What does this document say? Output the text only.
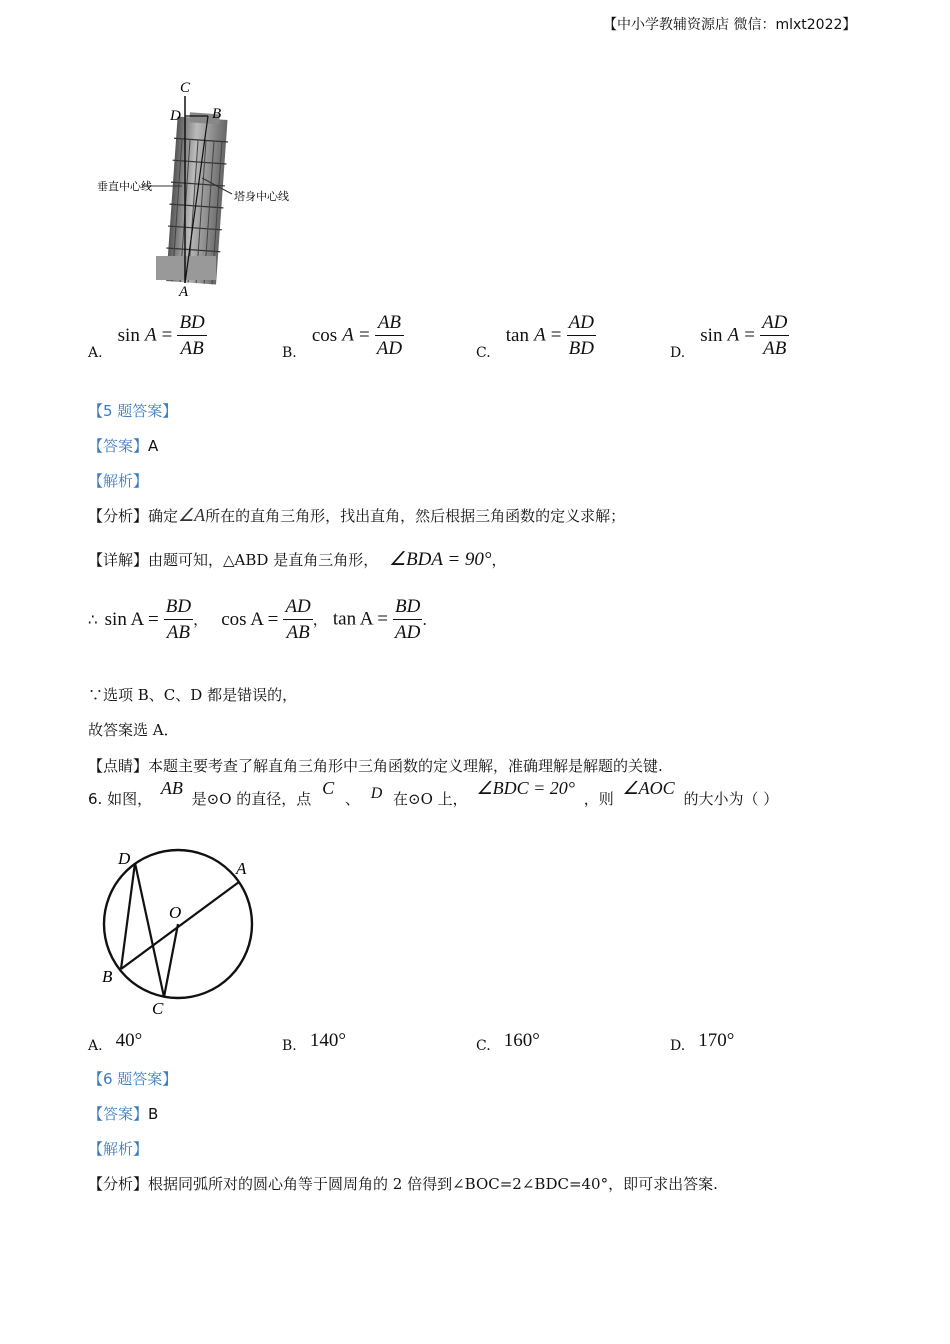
【中小学教辅资源店 微信：mlxt2022】
C
D B
A
垂直中心线
塔身中心线
A. $\sin A = \frac{BD}{AB}$	B. $\cos A = \frac{AB}{AD}$	C. $\tan A = \frac{AD}{BD}$	D. $\sin A = \frac{AD}{AB}$
【5 题答案】
【答案】A
【解析】
【分析】确定∠A所在的直角三角形，找出直角，然后根据三角函数的定义求解；
【详解】由题可知，△ABD 是直角三角形， ∠BDA = 90°，
∴ $\sin A = \frac{BD}{AB}$ ， $\cos A = \frac{AD}{AB}$ ， $\tan A = \frac{BD}{AD}$ ．
∵选项 B、C、D 都是错误的，
故答案选 A．
【点睛】本题主要考查了解直角三角形中三角函数的定义理解，准确理解是解题的关键.
6. 如图， AB 是⊙O 的直径，点 C 、 D 在⊙O 上， ∠BDC = 20° ，则 ∠AOC 的大小为（ ）
D
A
O
B
C
A. 40°	B. 140°	C. 160°	D. 170°
【6 题答案】
【答案】B
【解析】
【分析】根据同弧所对的圆心角等于圆周角的 2 倍得到∠BOC=2∠BDC=40°，即可求出答案.
